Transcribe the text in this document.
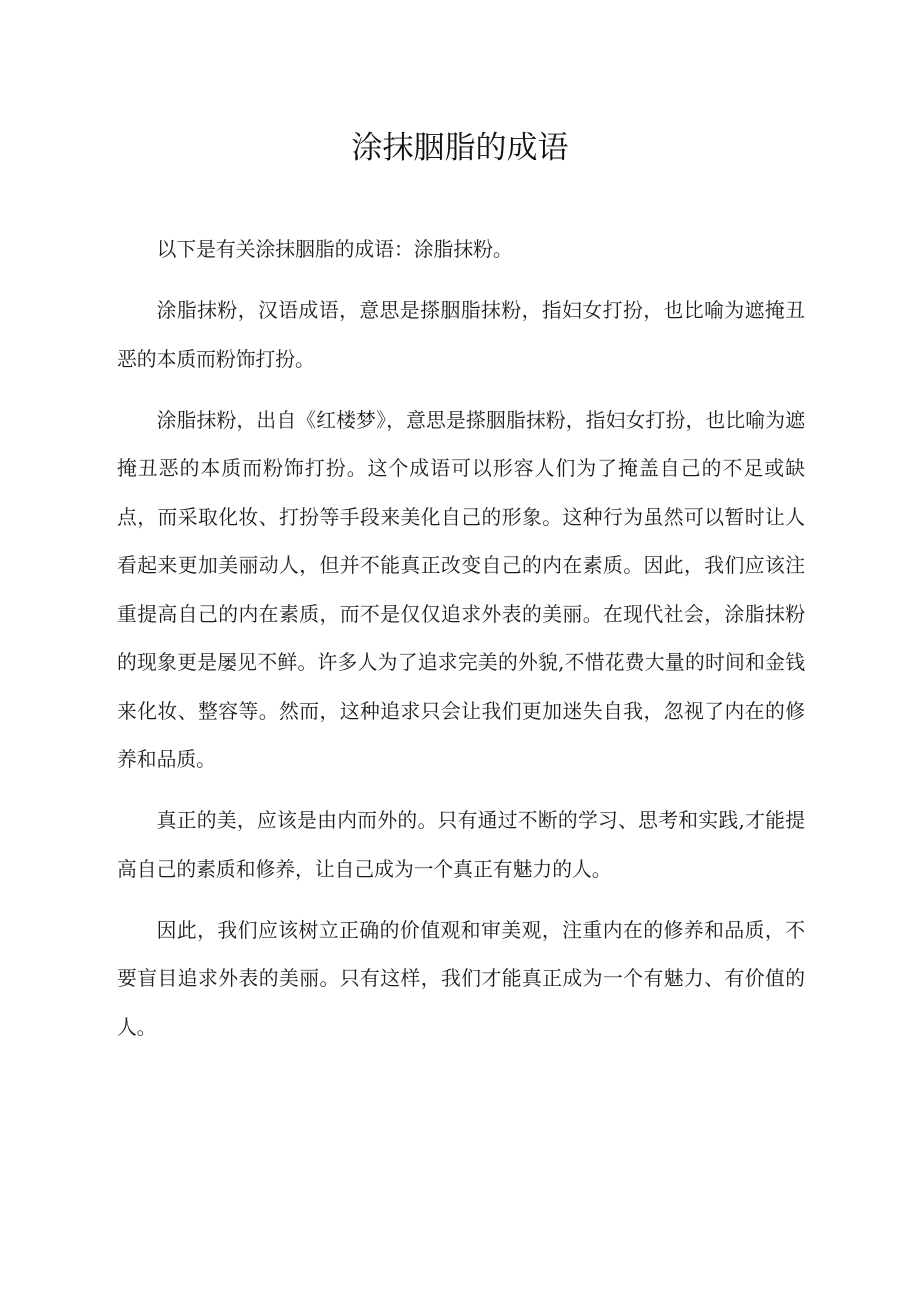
涂抹胭脂的成语

以下是有关涂抹胭脂的成语：涂脂抹粉。

涂脂抹粉，汉语成语，意思是搽胭脂抹粉，指妇女打扮，也比喻为遮掩丑恶的本质而粉饰打扮。

涂脂抹粉，出自《红楼梦》，意思是搽胭脂抹粉，指妇女打扮，也比喻为遮掩丑恶的本质而粉饰打扮。这个成语可以形容人们为了掩盖自己的不足或缺点，而采取化妆、打扮等手段来美化自己的形象。这种行为虽然可以暂时让人看起来更加美丽动人，但并不能真正改变自己的内在素质。因此，我们应该注重提高自己的内在素质，而不是仅仅追求外表的美丽。在现代社会，涂脂抹粉的现象更是屡见不鲜。许多人为了追求完美的外貌,不惜花费大量的时间和金钱来化妆、整容等。然而，这种追求只会让我们更加迷失自我，忽视了内在的修养和品质。

真正的美，应该是由内而外的。只有通过不断的学习、思考和实践,才能提高自己的素质和修养，让自己成为一个真正有魅力的人。

因此，我们应该树立正确的价值观和审美观，注重内在的修养和品质，不要盲目追求外表的美丽。只有这样，我们才能真正成为一个有魅力、有价值的人。
